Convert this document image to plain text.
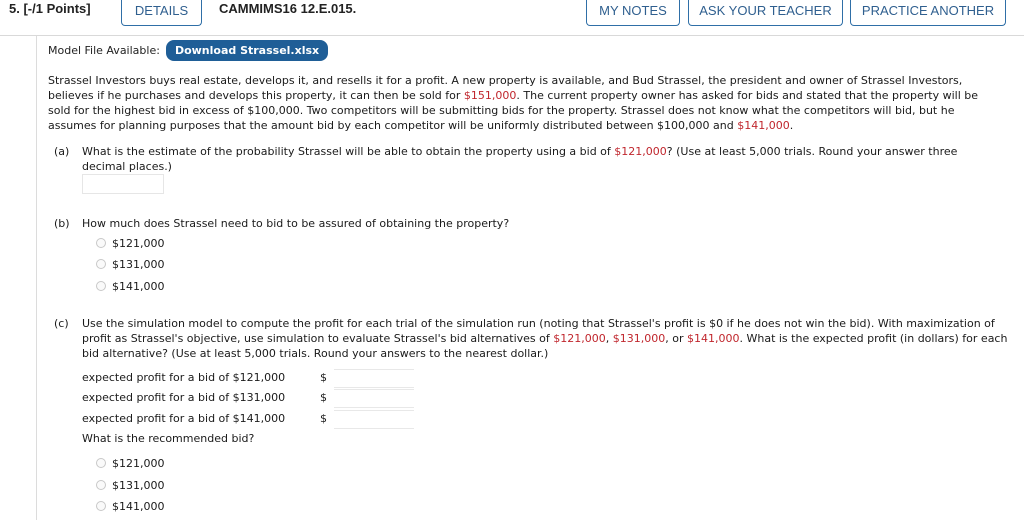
5. [-/1 Points]	DETAILS	CAMMIMS16 12.E.015.	MY NOTES	ASK YOUR TEACHER	PRACTICE ANOTHER
Model File Available:	Download Strassel.xlsx
Strassel Investors buys real estate, develops it, and resells it for a profit. A new property is available, and Bud Strassel, the president and owner of Strassel Investors, believes if he purchases and develops this property, it can then be sold for $151,000. The current property owner has asked for bids and stated that the property will be sold for the highest bid in excess of $100,000. Two competitors will be submitting bids for the property. Strassel does not know what the competitors will bid, but he assumes for planning purposes that the amount bid by each competitor will be uniformly distributed between $100,000 and $141,000.
(a) What is the estimate of the probability Strassel will be able to obtain the property using a bid of $121,000? (Use at least 5,000 trials. Round your answer three decimal places.)
(b) How much does Strassel need to bid to be assured of obtaining the property?
$121,000
$131,000
$141,000
(c) Use the simulation model to compute the profit for each trial of the simulation run (noting that Strassel's profit is $0 if he does not win the bid). With maximization of profit as Strassel's objective, use simulation to evaluate Strassel's bid alternatives of $121,000, $131,000, or $141,000. What is the expected profit (in dollars) for each bid alternative? (Use at least 5,000 trials. Round your answers to the nearest dollar.)
expected profit for a bid of $121,000	$
expected profit for a bid of $131,000	$
expected profit for a bid of $141,000	$
What is the recommended bid?
$121,000
$131,000
$141,000
